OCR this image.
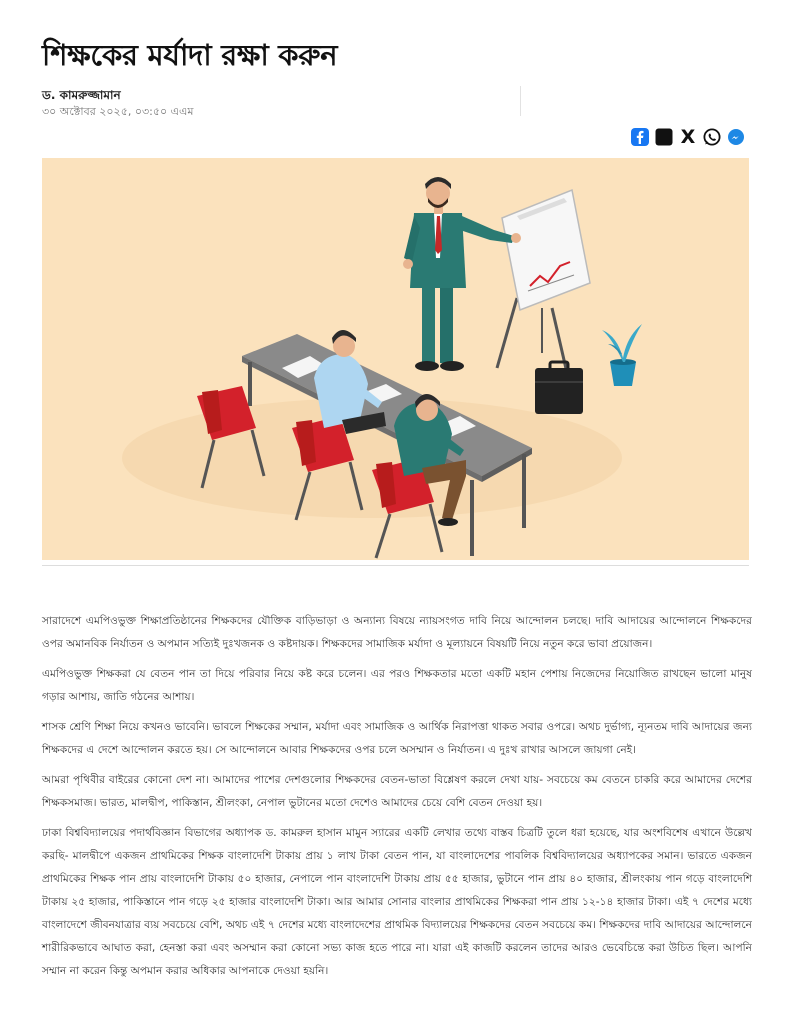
শিক্ষকের মর্যাদা রক্ষা করুন
ড. কামরুজ্জামান
৩০ অক্টোবর ২০২৫, ০৩:৫০ এএম
X

সারাদেশে এমপিওভুক্ত শিক্ষাপ্রতিষ্ঠানের শিক্ষকদের যৌক্তিক বাড়িভাড়া ও অন্যান্য বিষয়ে ন্যায়সংগত দাবি নিয়ে আন্দোলন চলছে। দাবি আদায়ের আন্দোলনে শিক্ষকদের ওপর অমানবিক নির্যাতন ও অপমান সত্যিই দুঃখজনক ও কষ্টদায়ক। শিক্ষকদের সামাজিক মর্যাদা ও মূল্যায়নে বিষয়টি নিয়ে নতুন করে ভাবা প্রয়োজন।

এমপিওভুক্ত শিক্ষকরা যে বেতন পান তা দিয়ে পরিবার নিয়ে কষ্ট করে চলেন। এর পরও শিক্ষকতার মতো একটি মহান পেশায় নিজেদের নিয়োজিত রাখছেন ভালো মানুষ গড়ার আশায়, জাতি গঠনের আশায়।

শাসক শ্রেণি শিক্ষা নিয়ে কখনও ভাবেনি। ভাবলে শিক্ষকের সম্মান, মর্যাদা এবং সামাজিক ও আর্থিক নিরাপত্তা থাকত সবার ওপরে। অথচ দুর্ভাগ্য, ন্যূনতম দাবি আদায়ের জন্য শিক্ষকদের এ দেশে আন্দোলন করতে হয়। সে আন্দোলনে আবার শিক্ষকদের ওপর চলে অসম্মান ও নির্যাতন। এ দুঃখ রাখার আসলে জায়গা নেই।

আমরা পৃথিবীর বাইরের কোনো দেশ না। আমাদের পাশের দেশগুলোর শিক্ষকদের বেতন-ভাতা বিশ্লেষণ করলে দেখা যায়- সবচেয়ে কম বেতনে চাকরি করে আমাদের দেশের শিক্ষকসমাজ। ভারত, মালদ্বীপ, পাকিস্তান, শ্রীলংকা, নেপাল ভুটানের মতো দেশেও আমাদের চেয়ে বেশি বেতন দেওয়া হয়।

ঢাকা বিশ্ববিদ্যালয়ের পদার্থবিজ্ঞান বিভাগের অধ্যাপক ড. কামরুল হাসান মামুন স্যারের একটি লেখার তথ্যে বাস্তব চিত্রটি তুলে ধরা হয়েছে, যার অংশবিশেষ এখানে উল্লেখ করছি- মালদ্বীপে একজন প্রাথমিকের শিক্ষক বাংলাদেশি টাকায় প্রায় ১ লাখ টাকা বেতন পান, যা বাংলাদেশের পাবলিক বিশ্ববিদ্যালয়ের অধ্যাপকের সমান। ভারতে একজন প্রাথমিকের শিক্ষক পান প্রায় বাংলাদেশি টাকায় ৫০ হাজার, নেপালে পান বাংলাদেশি টাকায় প্রায় ৫৫ হাজার, ভুটানে পান প্রায় ৪০ হাজার, শ্রীলংকায় পান গড়ে বাংলাদেশি টাকায় ২৫ হাজার, পাকিস্তানে পান গড়ে ২৫ হাজার বাংলাদেশি টাকা। আর আমার সোনার বাংলার প্রাথমিকের শিক্ষকরা পান প্রায় ১২-১৪ হাজার টাকা। এই ৭ দেশের মধ্যে বাংলাদেশে জীবনযাত্রার ব্যয় সবচেয়ে বেশি, অথচ এই ৭ দেশের মধ্যে বাংলাদেশের প্রাথমিক বিদ্যালয়ের শিক্ষকদের বেতন সবচেয়ে কম। শিক্ষকদের দাবি আদায়ের আন্দোলনে শারীরিকভাবে আঘাত করা, হেনস্তা করা এবং অসম্মান করা কোনো সভ্য কাজ হতে পারে না। যারা এই কাজটি করলেন তাদের আরও ভেবেচিন্তে করা উচিত ছিল। আপনি সম্মান না করেন কিন্তু অপমান করার অধিকার আপনাকে দেওয়া হয়নি।
